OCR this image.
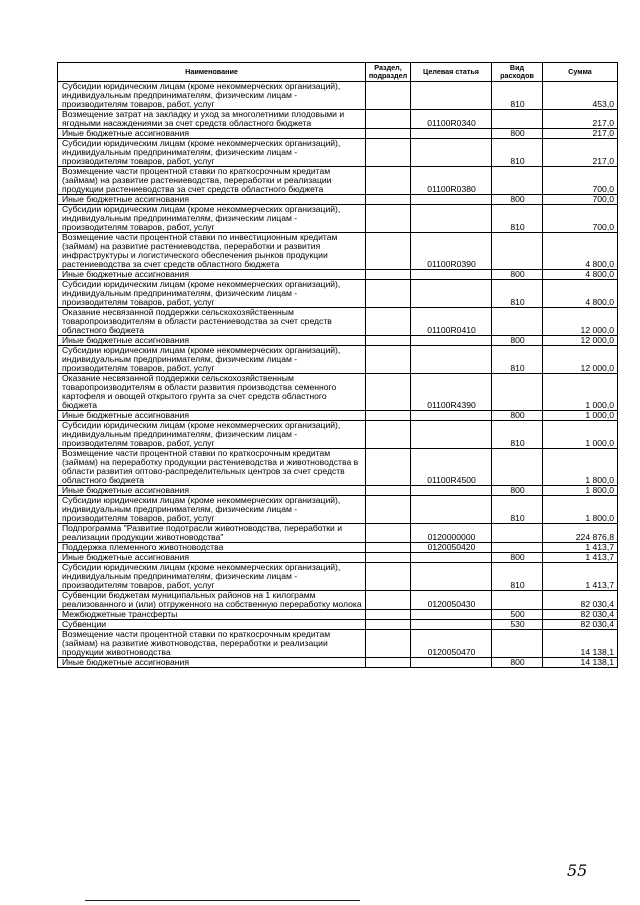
Наименование	Раздел, подраздел	Целевая статья	Вид расходов	Сумма
Субсидии юридическим лицам (кроме некоммерческих организаций), индивидуальным предпринимателям, физическим лицам - производителям товаров, работ, услуг			810	453,0
Возмещение затрат на закладку и уход за многолетними плодовыми и ягодными насаждениями за счет средств областного бюджета		01100R0340		217,0
Иные бюджетные ассигнования			800	217,0
Субсидии юридическим лицам (кроме некоммерческих организаций), индивидуальным предпринимателям, физическим лицам - производителям товаров, работ, услуг			810	217,0
Возмещение части процентной ставки по краткосрочным кредитам (займам) на развитие растениеводства, переработки и реализации продукции растениеводства за счет средств областного бюджета		01100R0380		700,0
Иные бюджетные ассигнования			800	700,0
Субсидии юридическим лицам (кроме некоммерческих организаций), индивидуальным предпринимателям, физическим лицам - производителям товаров, работ, услуг			810	700,0
Возмещение части процентной ставки по инвестиционным кредитам (займам) на развитие растениеводства, переработки и развития инфраструктуры и логистического обеспечения рынков продукции растениеводства за счет средств областного бюджета		01100R0390		4 800,0
Иные бюджетные ассигнования			800	4 800,0
Субсидии юридическим лицам (кроме некоммерческих организаций), индивидуальным предпринимателям, физическим лицам - производителям товаров, работ, услуг			810	4 800,0
Оказание несвязанной поддержки сельскохозяйственным товаропроизводителям в области растениеводства за счет средств областного бюджета		01100R0410		12 000,0
Иные бюджетные ассигнования			800	12 000,0
Субсидии юридическим лицам (кроме некоммерческих организаций), индивидуальным предпринимателям, физическим лицам - производителям товаров, работ, услуг			810	12 000,0
Оказание несвязанной поддержки сельскохозяйственным товаропроизводителям в области развития производства семенного картофеля и овощей открытого грунта за счет средств областного бюджета		01100R4390		1 000,0
Иные бюджетные ассигнования			800	1 000,0
Субсидии юридическим лицам (кроме некоммерческих организаций), индивидуальным предпринимателям, физическим лицам - производителям товаров, работ, услуг			810	1 000,0
Возмещение части процентной ставки по краткосрочным кредитам (займам) на переработку продукции растениеводства и животноводства в области развития оптово-распределительных центров за счет средств областного бюджета		01100R4500		1 800,0
Иные бюджетные ассигнования			800	1 800,0
Субсидии юридическим лицам (кроме некоммерческих организаций), индивидуальным предпринимателям, физическим лицам - производителям товаров, работ, услуг			810	1 800,0
Подпрограмма "Развитие подотрасли животноводства, переработки и реализации продукции животноводства"		0120000000		224 876,8
Поддержка племенного животноводства		0120050420		1 413,7
Иные бюджетные ассигнования			800	1 413,7
Субсидии юридическим лицам (кроме некоммерческих организаций), индивидуальным предпринимателям, физическим лицам - производителям товаров, работ, услуг			810	1 413,7
Субвенции бюджетам муниципальных районов на 1 килограмм реализованного и (или) отгруженного на собственную переработку молока		0120050430		82 030,4
Межбюджетные трансферты			500	82 030,4
Субвенции			530	82 030,4
Возмещение части процентной ставки по краткосрочным кредитам (займам) на развитие животноводства, переработки и реализации продукции животноводства		0120050470		14 138,1
Иные бюджетные ассигнования			800	14 138,1
55
